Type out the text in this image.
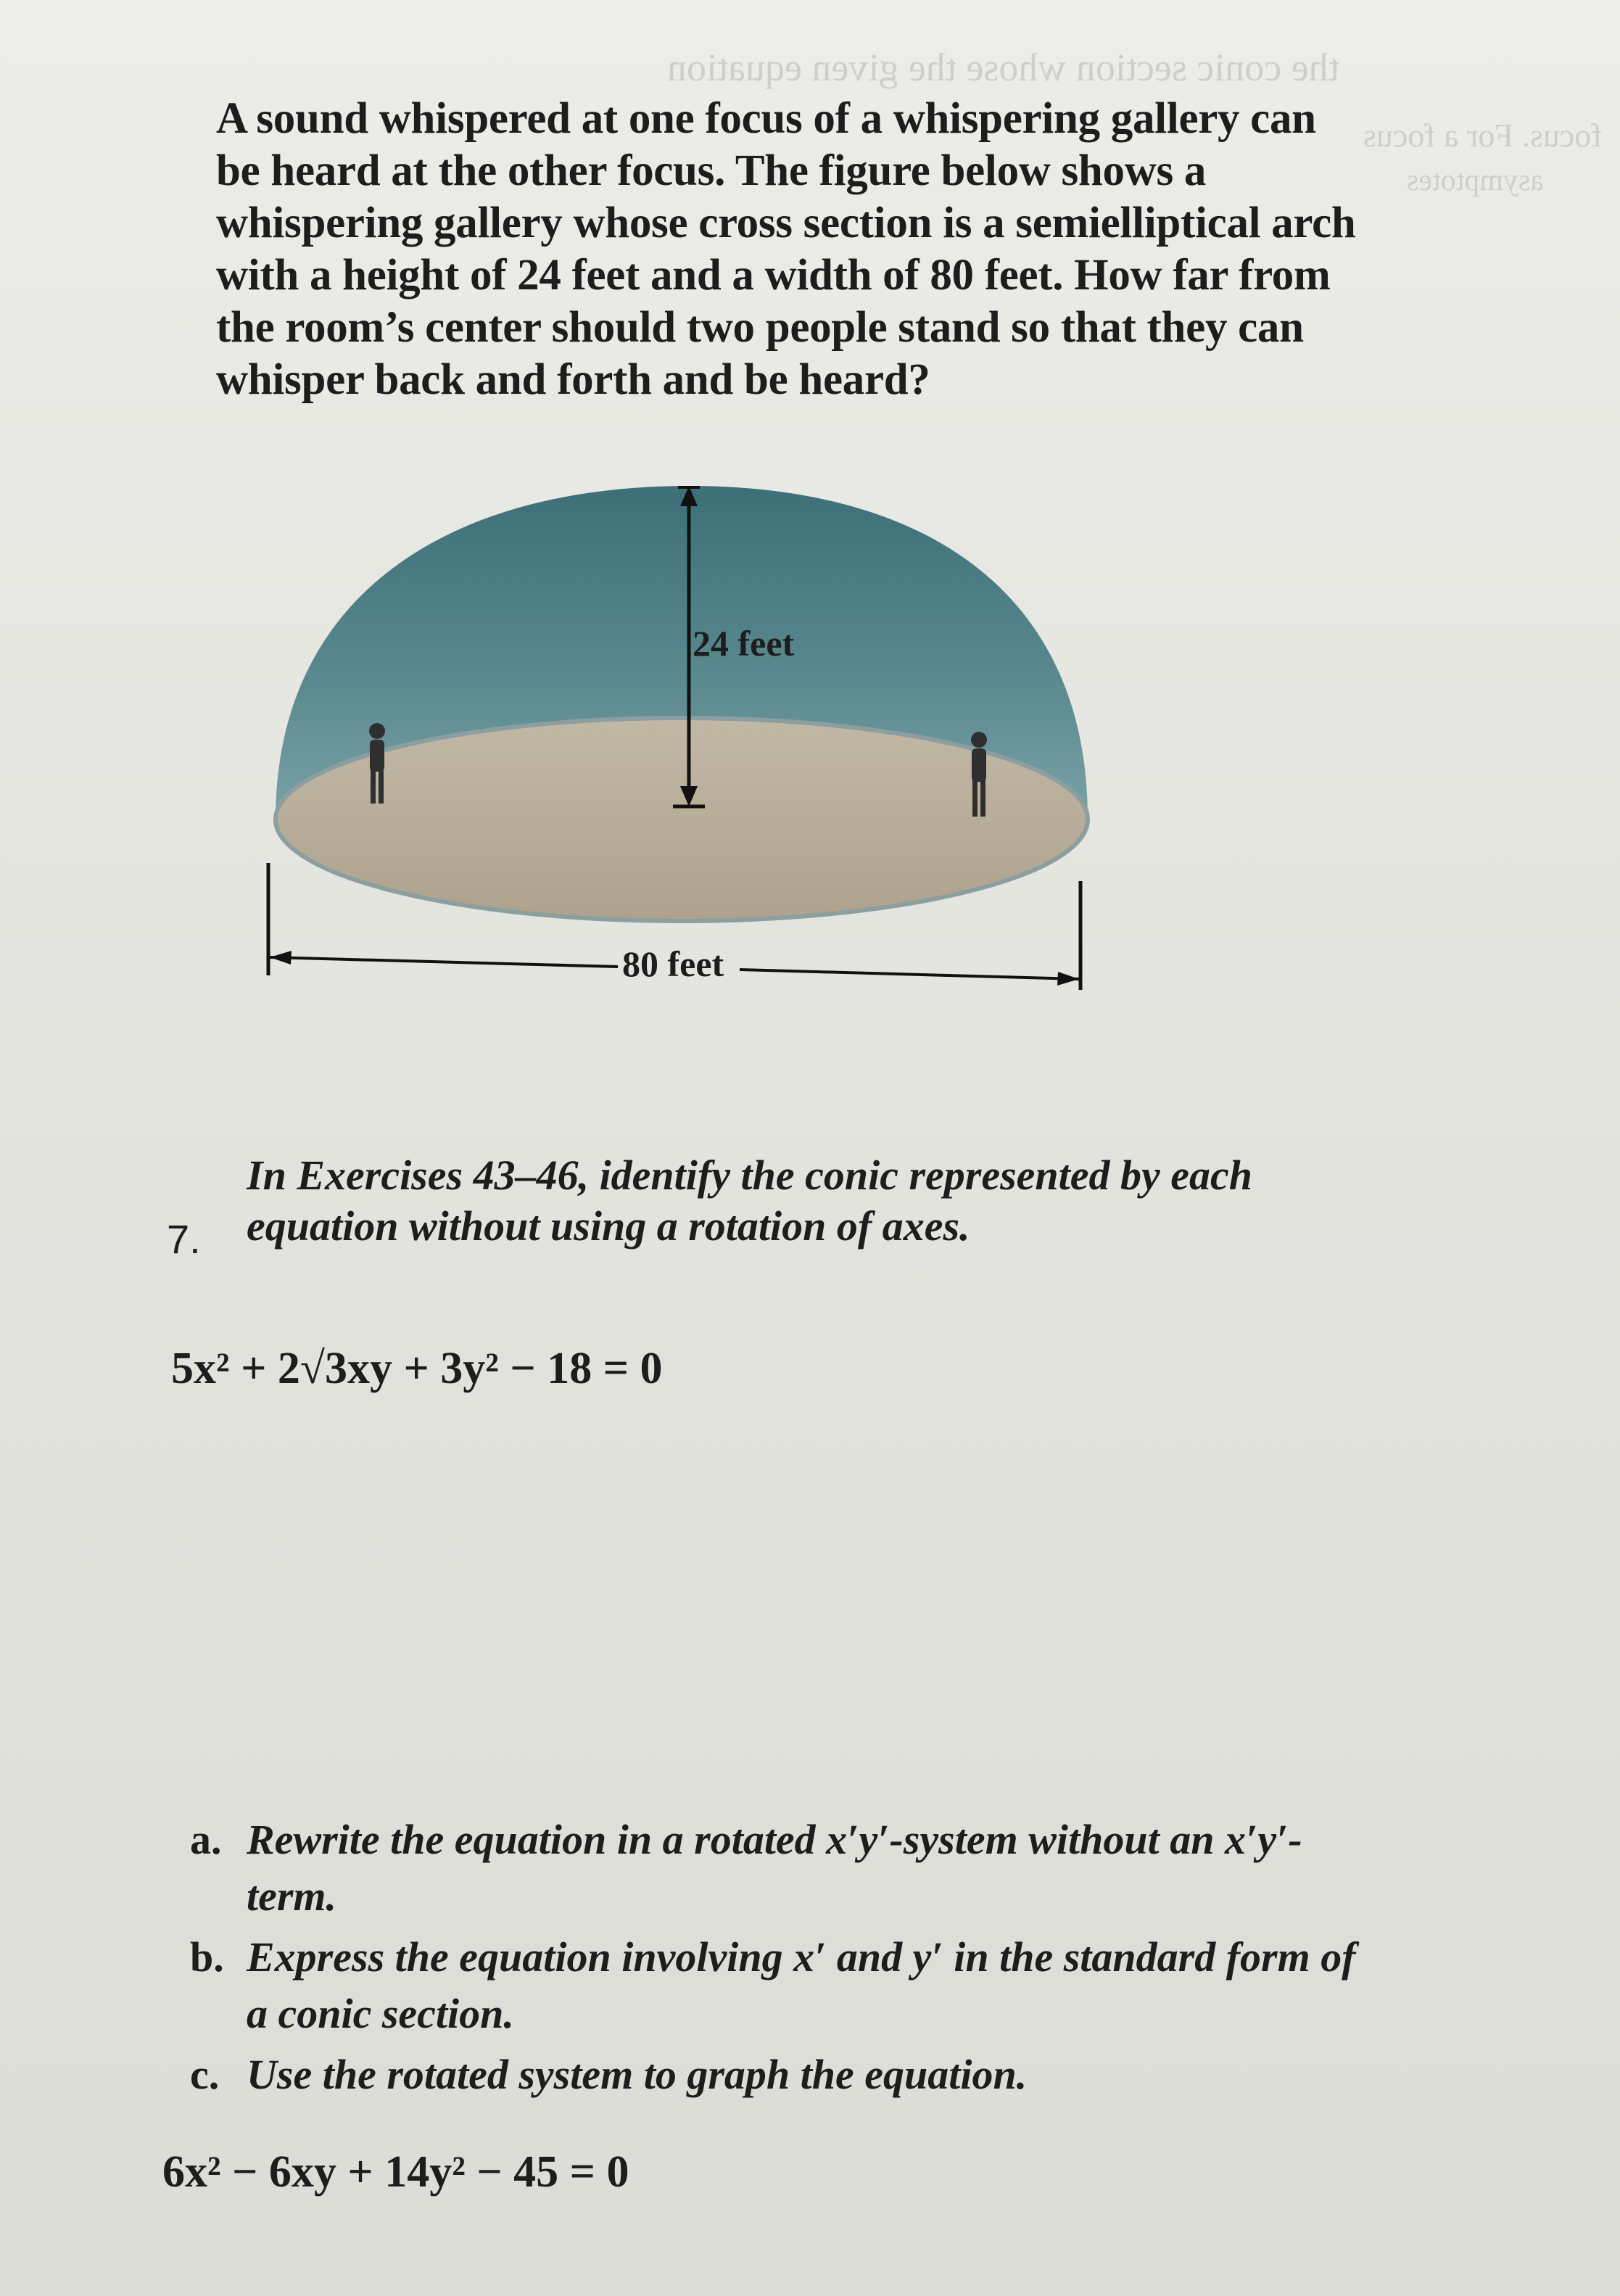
the conic section whose the given equation
focus. For a focus
asymptotes

A sound whispered at one focus of a whispering gallery can be heard at the other focus. The figure below shows a whispering gallery whose cross section is a semielliptical arch with a height of 24 feet and a width of 80 feet. How far from the room’s center should two people stand so that they can whisper back and forth and be heard?

24 feet
80 feet
7.
In Exercises 43–46, identify the conic represented by each equation without using a rotation of axes.
5x² + 2√3xy + 3y² − 18 = 0
a. Rewrite the equation in a rotated x′y′-system without an x′y′-term.
b. Express the equation involving x′ and y′ in the standard form of a conic section.
c. Use the rotated system to graph the equation.
6x² − 6xy + 14y² − 45 = 0
